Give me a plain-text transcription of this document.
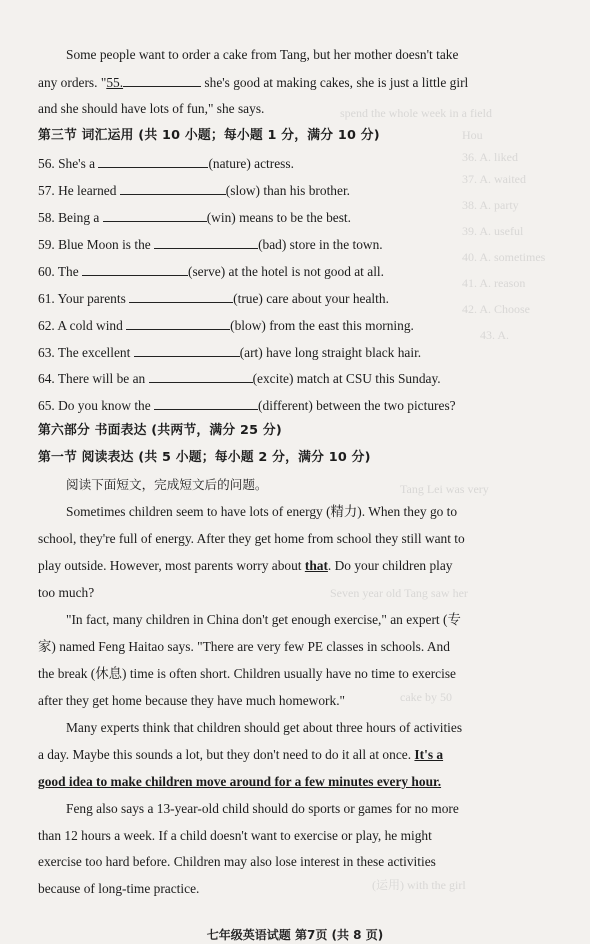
spend the whole week in a field
Hou
36. A. liked
37. A. waited
38. A. party
39. A. useful
40. A. sometimes
41. A. reason
42. A. Choose
43. A.
Tang Lei was very
Seven year old Tang saw her
cake by 50
(运用) with the girl
Some people want to order a cake from Tang, but her mother doesn't take
any orders. "55.	she's good at making cakes, she is just a little girl
and she should have lots of fun," she says.
第三节 词汇运用 (共 10 小题；每小题 1 分，满分 10 分)
56. She's a	(nature) actress.
57. He learned	(slow) than his brother.
58. Being a	(win) means to be the best.
59. Blue Moon is the	(bad) store in the town.
60. The	(serve) at the hotel is not good at all.
61. Your parents	(true) care about your health.
62. A cold wind	(blow) from the east this morning.
63. The excellent	(art) have long straight black hair.
64. There will be an	(excite) match at CSU this Sunday.
65. Do you know the	(different) between the two pictures?
第六部分 书面表达 (共两节，满分 25 分)
第一节 阅读表达 (共 5 小题；每小题 2 分，满分 10 分)
阅读下面短文，完成短文后的问题。
Sometimes children seem to have lots of energy (精力). When they go to
school, they're full of energy. After they get home from school they still want to
play outside. However, most parents worry about that. Do your children play
too much?
"In fact, many children in China don't get enough exercise," an expert (专
家) named Feng Haitao says. "There are very few PE classes in schools. And
the break (休息) time is often short. Children usually have no time to exercise
after they get home because they have much homework."
Many experts think that children should get about three hours of activities
a day. Maybe this sounds a lot, but they don't need to do it all at once. It's a
good idea to make children move around for a few minutes every hour.
Feng also says a 13-year-old child should do sports or games for no more
than 12 hours a week. If a child doesn't want to exercise or play, he might
exercise too hard before. Children may also lose interest in these activities
because of long-time practice.
七年级英语试题 第7页 (共 8 页)
